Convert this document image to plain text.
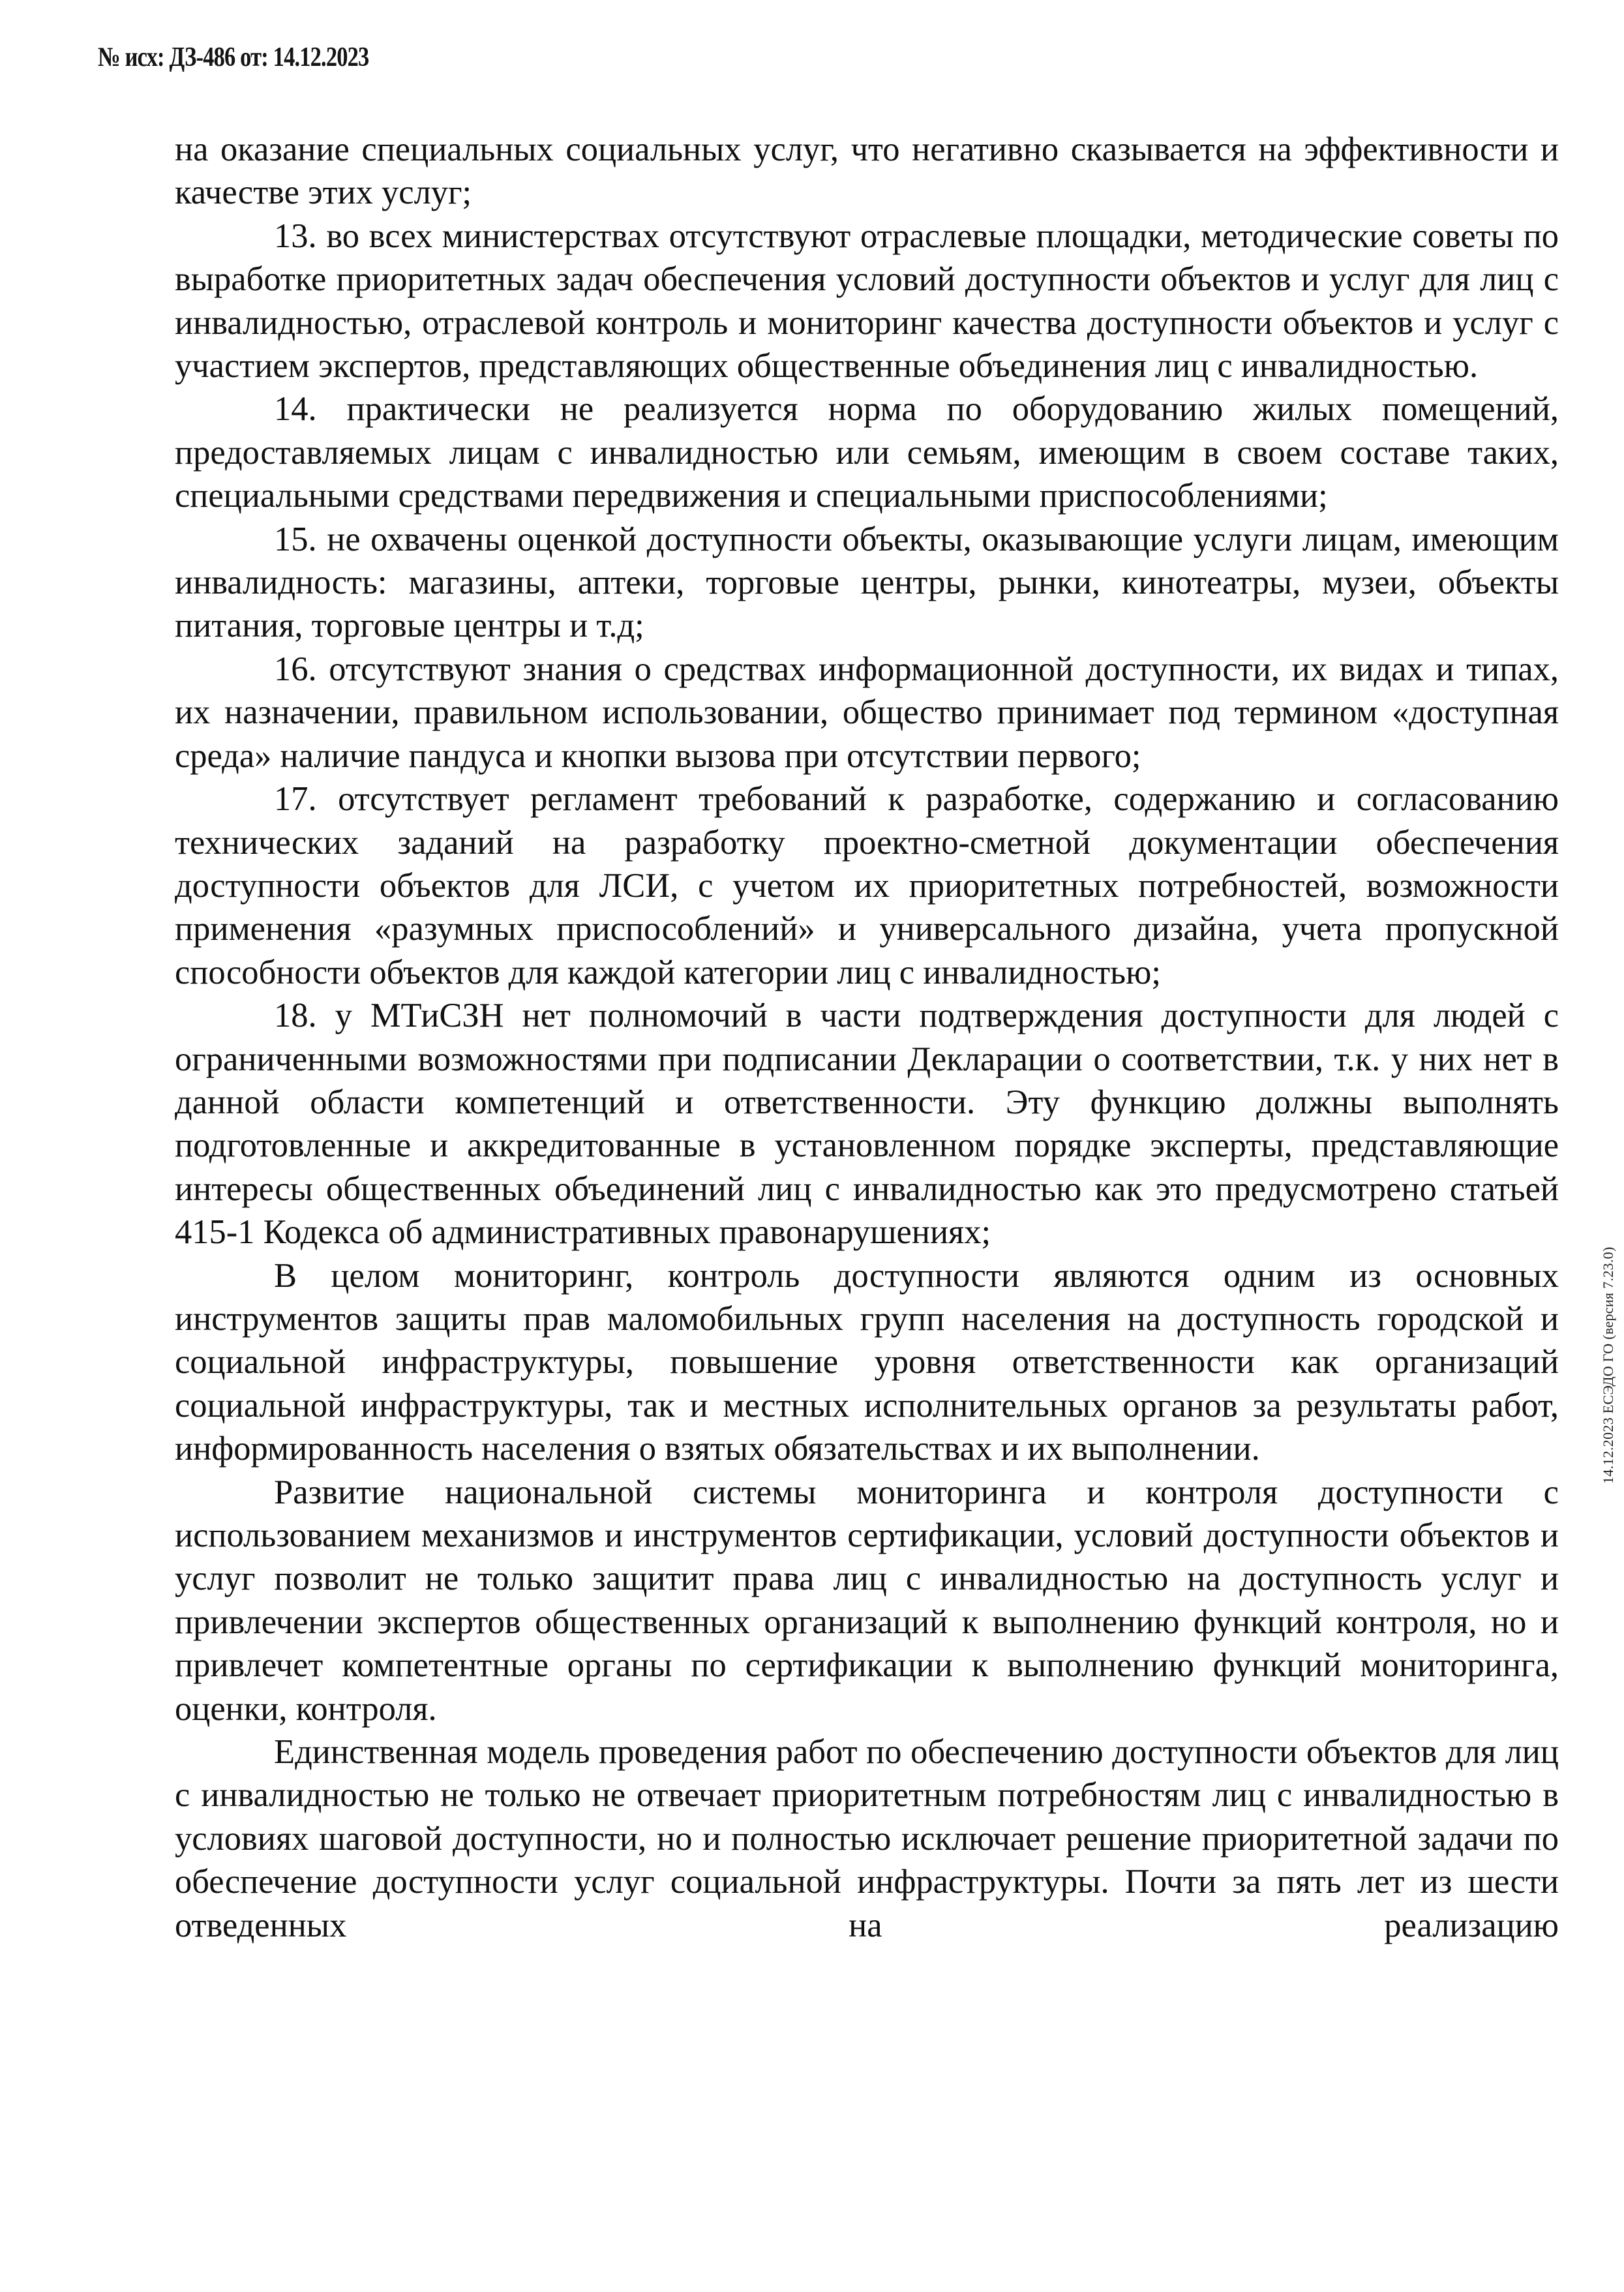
№ исх: ДЗ-486 от: 14.12.2023

на оказание специальных социальных услуг, что негативно сказывается на эффективности и качестве этих услуг;

13. во всех министерствах отсутствуют отраслевые площадки, методические советы по выработке приоритетных задач обеспечения условий доступности объектов и услуг для лиц с инвалидностью, отраслевой контроль и мониторинг качества доступности объектов и услуг с участием экспертов, представляющих общественные объединения лиц с инвалидностью.

14. практически не реализуется норма по оборудованию жилых помещений, предоставляемых лицам с инвалидностью или семьям, имеющим в своем составе таких, специальными средствами передвижения и специальными приспособлениями;

15. не охвачены оценкой доступности объекты, оказывающие услуги лицам, имеющим инвалидность: магазины, аптеки, торговые центры, рынки, кинотеатры, музеи, объекты питания, торговые центры и т.д;

16. отсутствуют знания о средствах информационной доступности, их видах и типах, их назначении, правильном использовании, общество принимает под термином «доступная среда» наличие пандуса и кнопки вызова при отсутствии первого;

17. отсутствует регламент требований к разработке, содержанию и согласованию технических заданий на разработку проектно-сметной документации обеспечения доступности объектов для ЛСИ, с учетом их приоритетных потребностей, возможности применения «разумных приспособлений» и универсального дизайна, учета пропускной способности объектов для каждой категории лиц с инвалидностью;

18. у МТиСЗН нет полномочий в части подтверждения доступности для людей с ограниченными возможностями при подписании Декларации о соответствии, т.к. у них нет в данной области компетенций и ответственности. Эту функцию должны выполнять подготовленные и аккредитованные в установленном порядке эксперты, представляющие интересы общественных объединений лиц с инвалидностью как это предусмотрено статьей 415-1 Кодекса об административных правонарушениях;

В целом мониторинг, контроль доступности являются одним из основных инструментов защиты прав маломобильных групп населения на доступность городской и социальной инфраструктуры, повышение уровня ответственности как организаций социальной инфраструктуры, так и местных исполнительных органов за результаты работ, информированность населения о взятых обязательствах и их выполнении.

Развитие национальной системы мониторинга и контроля доступности с использованием механизмов и инструментов сертификации, условий доступности объектов и услуг позволит не только защитит права лиц с инвалидностью на доступность услуг и привлечении экспертов общественных организаций к выполнению функций контроля, но и привлечет компетентные органы по сертификации к выполнению функций мониторинга, оценки, контроля.

Единственная модель проведения работ по обеспечению доступности объектов для лиц с инвалидностью не только не отвечает приоритетным потребностям лиц с инвалидностью в условиях шаговой доступности, но и полностью исключает решение приоритетной задачи по обеспечение доступности услуг социальной инфраструктуры. Почти за пять лет из шести отведенных на реализацию

14.12.2023 ЕСЭДО ГО (версия 7.23.0)
